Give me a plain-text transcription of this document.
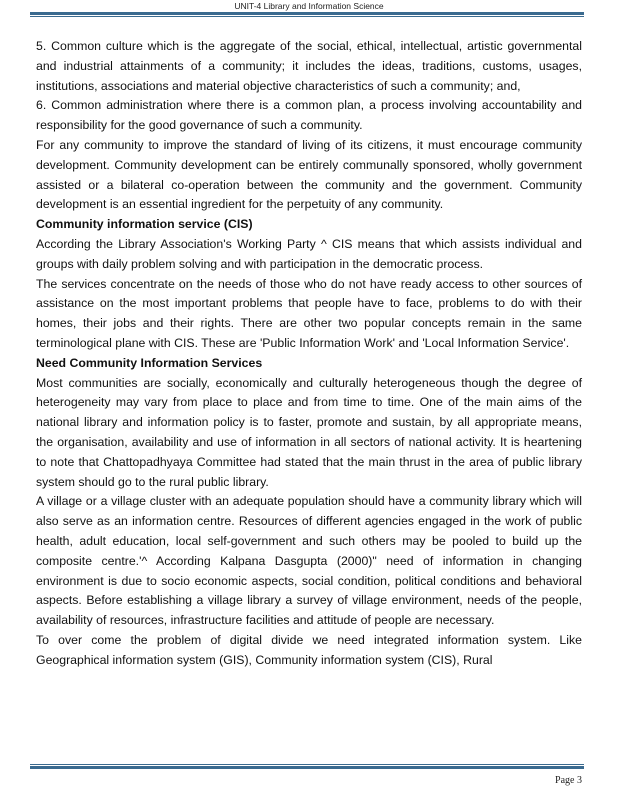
UNIT-4 Library and Information Science

5. Common culture which is the aggregate of the social, ethical, intellectual, artistic governmental and industrial attainments of a community; it includes the ideas, traditions, customs, usages, institutions, associations and material objective characteristics of such a community; and,

6. Common administration where there is a common plan, a process involving accountability and responsibility for the good governance of such a community.

For any community to improve the standard of living of its citizens, it must encourage community development. Community development can be entirely communally sponsored, wholly government assisted or a bilateral co-operation between the community and the government. Community development is an essential ingredient for the perpetuity of any community.

Community information service (CIS)

According the Library Association's Working Party ^ CIS means that which assists individual and groups with daily problem solving and with participation in the democratic process.

The services concentrate on the needs of those who do not have ready access to other sources of assistance on the most important problems that people have to face, problems to do with their homes, their jobs and their rights. There are other two popular concepts remain in the same terminological plane with CIS. These are 'Public Information Work' and 'Local Information Service'.

Need Community Information Services

Most communities are socially, economically and culturally heterogeneous though the degree of heterogeneity may vary from place to place and from time to time. One of the main aims of the national library and information policy is to faster, promote and sustain, by all appropriate means, the organisation, availability and use of information in all sectors of national activity. It is heartening to note that Chattopadhyaya Committee had stated that the main thrust in the area of public library system should go to the rural public library.

A village or a village cluster with an adequate population should have a community library which will also serve as an information centre. Resources of different agencies engaged in the work of public health, adult education, local self-government and such others may be pooled to build up the composite centre.'^ According Kalpana Dasgupta (2000)" need of information in changing environment is due to socio economic aspects, social condition, political conditions and behavioral aspects. Before establishing a village library a survey of village environment, needs of the people, availability of resources, infrastructure facilities and attitude of people are necessary.

To over come the problem of digital divide we need integrated information system. Like Geographical information system (GIS), Community information system (CIS), Rural

Page 3
